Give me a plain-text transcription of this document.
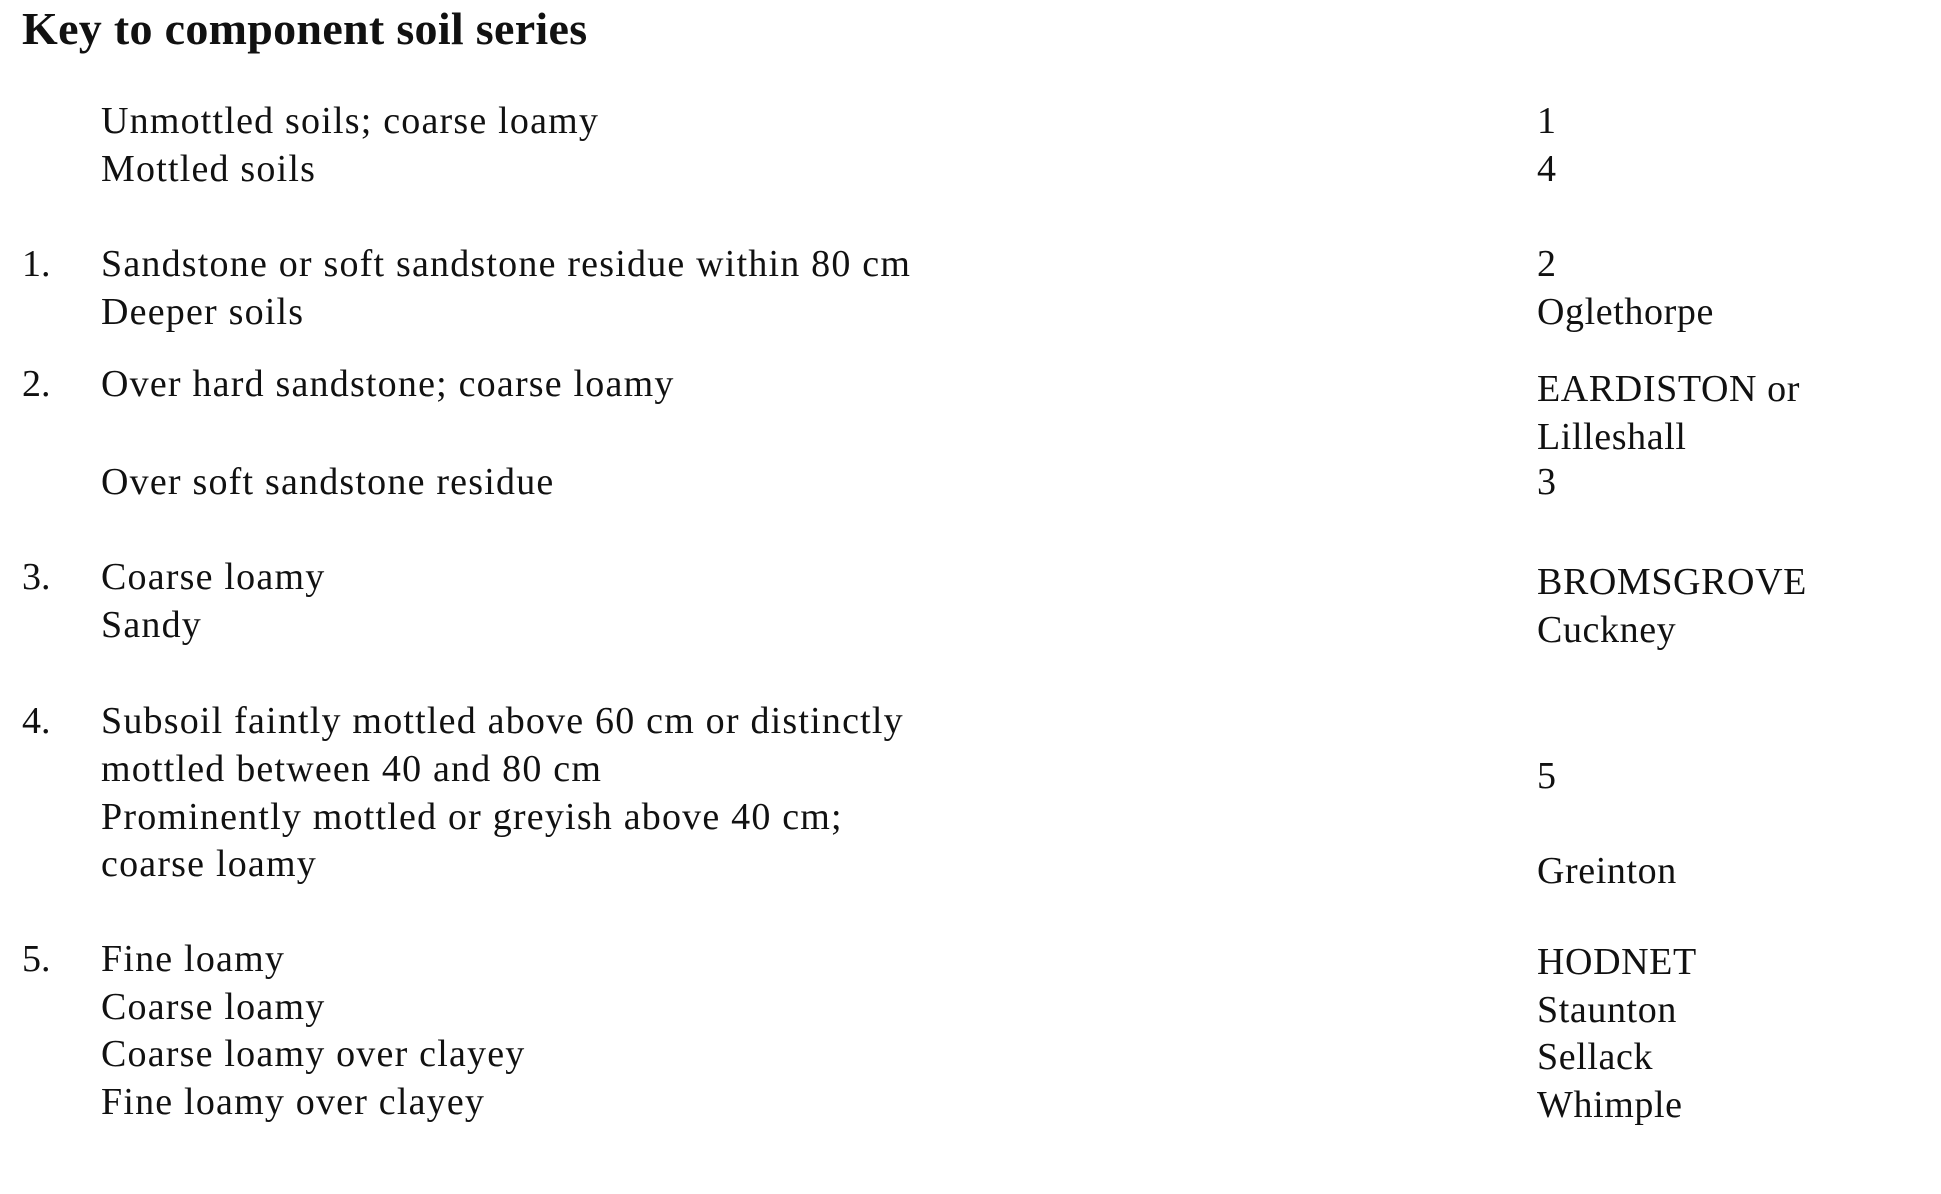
Key to component soil series
Unmottled soils; coarse loamy	1
Mottled soils	4
1. Sandstone or soft sandstone residue within 80 cm	2
Deeper soils	Oglethorpe
2. Over hard sandstone; coarse loamy	EARDISTON or
Lilleshall
Over soft sandstone residue	3
3. Coarse loamy	BROMSGROVE
Sandy	Cuckney
4. Subsoil faintly mottled above 60 cm or distinctly
mottled between 40 and 80 cm	5
Prominently mottled or greyish above 40 cm;
coarse loamy	Greinton
5. Fine loamy	HODNET
Coarse loamy	Staunton
Coarse loamy over clayey	Sellack
Fine loamy over clayey	Whimple
